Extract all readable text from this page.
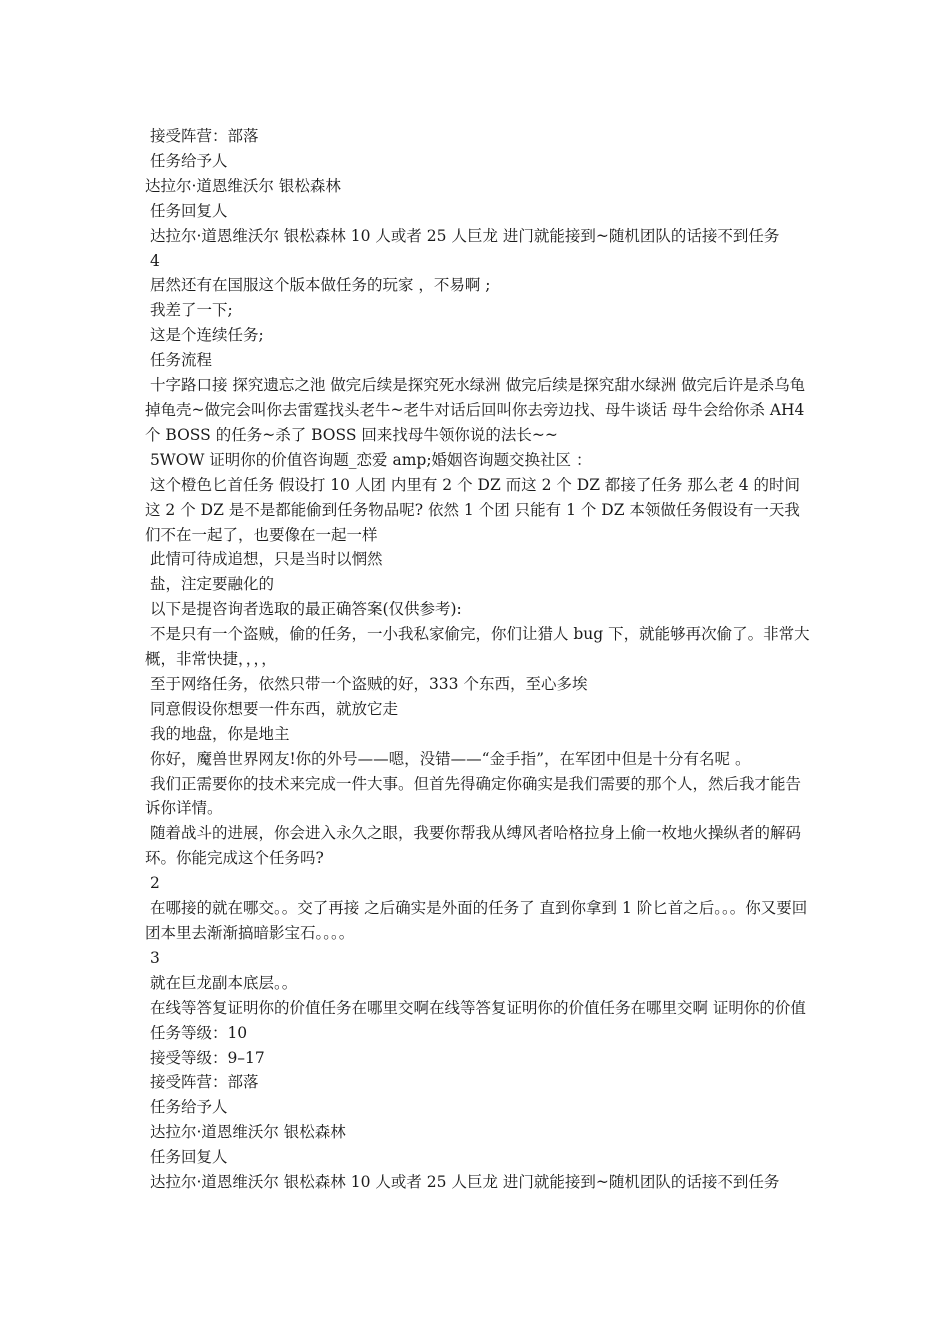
接受阵营：部落

任务给予人

达拉尔·道恩维沃尔 银松森林

任务回复人

达拉尔·道恩维沃尔 银松森林 10 人或者 25 人巨龙 进门就能接到~随机团队的话接不到任务

4

居然还有在国服这个版本做任务的玩家 ，不易啊 ;

我差了一下;

这是个连续任务;

任务流程

十字路口接 探究遗忘之池 做完后续是探究死水绿洲 做完后续是探究甜水绿洲 做完后许是杀乌龟掉龟壳~做完会叫你去雷霆找头老牛~老牛对话后回叫你去旁边找、母牛谈话 母牛会给你杀 AH4 个 BOSS 的任务~杀了 BOSS 回来找母牛领你说的法长~~

5WOW 证明你的价值咨询题_恋爱 amp;婚姻咨询题交换社区 ：

这个橙色匕首任务 假设打 10 人团 内里有 2 个 DZ 而这 2 个 DZ 都接了任务 那么老 4 的时间 这 2 个 DZ 是不是都能偷到任务物品呢? 依然 1 个团 只能有 1 个 DZ 本领做任务假设有一天我们不在一起了，也要像在一起一样

此情可待成追想，只是当时以惘然

盐，注定要融化的

以下是提咨询者选取的最正确答案(仅供参考):

不是只有一个盗贼，偷的任务，一小我私家偷完，你们让猎人 bug 下，就能够再次偷了。非常大概，非常快捷，，，，

至于网络任务，依然只带一个盗贼的好，333 个东西，至心多埃

同意假设你想要一件东西，就放它走

我的地盘，你是地主

你好，魔兽世界网友!你的外号——嗯，没错——“金手指”，在军团中但是十分有名呢 。

我们正需要你的技术来完成一件大事。但首先得确定你确实是我们需要的那个人，然后我才能告诉你详情。

随着战斗的进展，你会进入永久之眼，我要你帮我从缚风者哈格拉身上偷一枚地火操纵者的解码环。你能完成这个任务吗?

2

在哪接的就在哪交。。交了再接 之后确实是外面的任务了 直到你拿到 1 阶匕首之后。。。你又要回团本里去渐渐搞暗影宝石。。。。

3

就在巨龙副本底层。。

在线等答复证明你的价值任务在哪里交啊在线等答复证明你的价值任务在哪里交啊 证明你的价值

任务等级：10

接受等级：9–17

接受阵营：部落

任务给予人

达拉尔·道恩维沃尔 银松森林

任务回复人

达拉尔·道恩维沃尔 银松森林 10 人或者 25 人巨龙 进门就能接到~随机团队的话接不到任务
